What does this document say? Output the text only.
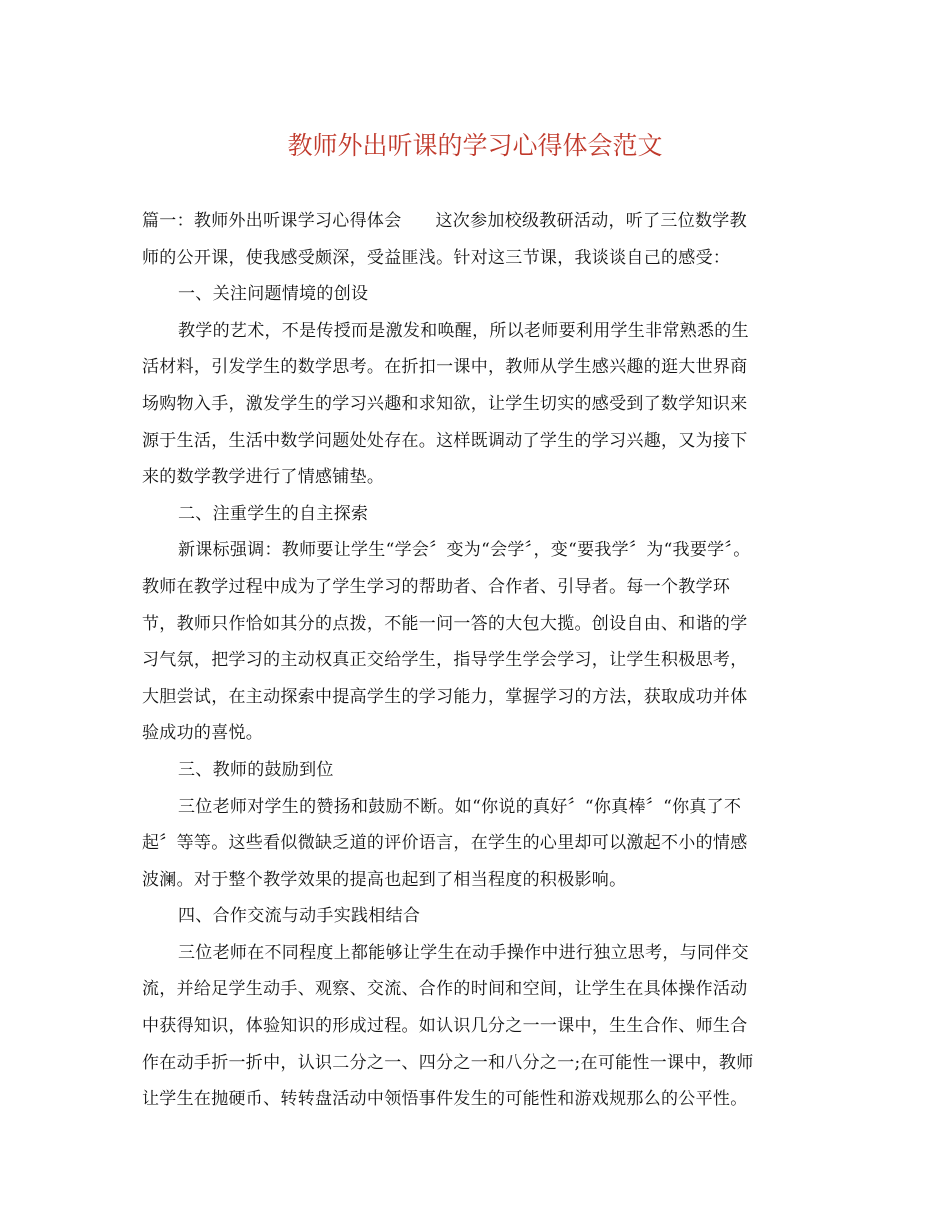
教师外出听课的学习心得体会范文
篇一：教师外出听课学习心得体会 这次参加校级教研活动，听了三位数学教
师的公开课，使我感受颇深，受益匪浅。针对这三节课，我谈谈自己的感受：
一、关注问题情境的创设
教学的艺术，不是传授而是激发和唤醒，所以老师要利用学生非常熟悉的生
活材料，引发学生的数学思考。在折扣一课中，教师从学生感兴趣的逛大世界商
场购物入手，激发学生的学习兴趣和求知欲，让学生切实的感受到了数学知识来
源于生活，生活中数学问题处处存在。这样既调动了学生的学习兴趣，又为接下
来的数学教学进行了情感铺垫。
二、注重学生的自主探索
新课标强调：教师要让学生“学会〞变为“会学〞，变“要我学〞为“我要学〞。
教师在教学过程中成为了学生学习的帮助者、合作者、引导者。每一个教学环
节，教师只作恰如其分的点拨，不能一问一答的大包大揽。创设自由、和谐的学
习气氛，把学习的主动权真正交给学生，指导学生学会学习，让学生积极思考，
大胆尝试，在主动探索中提高学生的学习能力，掌握学习的方法，获取成功并体
验成功的喜悦。
三、教师的鼓励到位
三位老师对学生的赞扬和鼓励不断。如“你说的真好〞“你真棒〞“你真了不
起〞等等。这些看似微缺乏道的评价语言，在学生的心里却可以激起不小的情感
波澜。对于整个教学效果的提高也起到了相当程度的积极影响。
四、合作交流与动手实践相结合
三位老师在不同程度上都能够让学生在动手操作中进行独立思考，与同伴交
流，并给足学生动手、观察、交流、合作的时间和空间，让学生在具体操作活动
中获得知识，体验知识的形成过程。如认识几分之一一课中，生生合作、师生合
作在动手折一折中，认识二分之一、四分之一和八分之一;在可能性一课中，教师
让学生在抛硬币、转转盘活动中领悟事件发生的可能性和游戏规那么的公平性。
